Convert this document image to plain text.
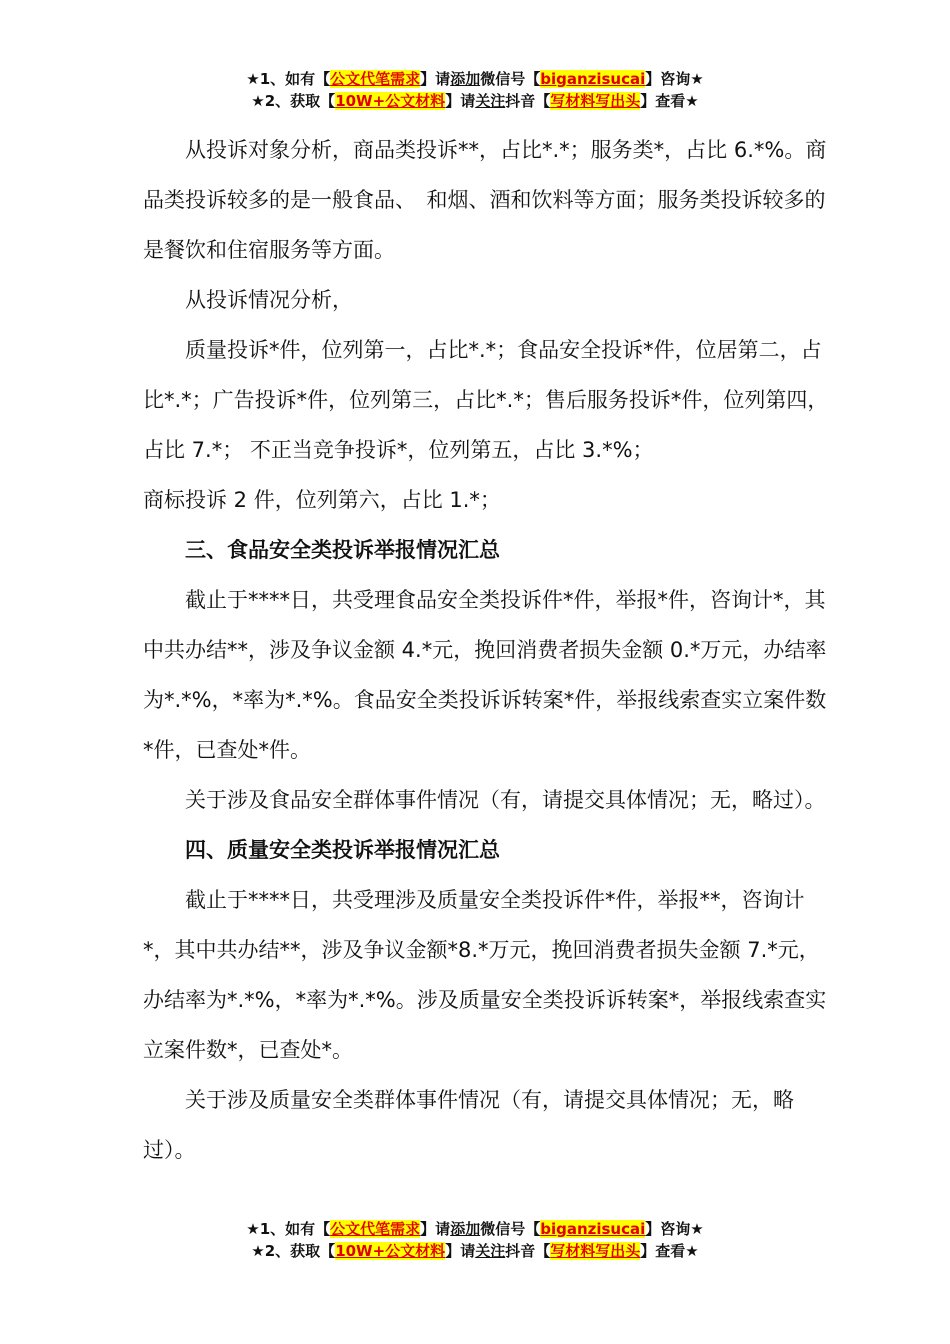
★1、如有【公文代笔需求】请添加微信号【biganzisucai】咨询★
★2、获取【10W+公文材料】请关注抖音【写材料写出头】查看★

从投诉对象分析，商品类投诉**，占比*.*；服务类*，占比 6.*%。商品类投诉较多的是一般食品、　和烟、酒和饮料等方面；服务类投诉较多的是餐饮和住宿服务等方面。

从投诉情况分析，

质量投诉*件，位列第一，占比*.*；食品安全投诉*件，位居第二，占比*.*；广告投诉*件，位列第三，占比*.*；售后服务投诉*件，位列第四，占比 7.*； 不正当竞争投诉*，位列第五，占比 3.*%；

商标投诉 2 件，位列第六，占比 1.*；

三、食品安全类投诉举报情况汇总

截止于****日，共受理食品安全类投诉件*件，举报*件，咨询计*，其中共办结**，涉及争议金额 4.*元，挽回消费者损失金额 0.*万元，办结率为*.*%，*率为*.*%。食品安全类投诉诉转案*件，举报线索查实立案件数*件，已查处*件。

关于涉及食品安全群体事件情况（有，请提交具体情况；无，略过）。

四、质量安全类投诉举报情况汇总

截止于****日，共受理涉及质量安全类投诉件*件，举报**，咨询计*，其中共办结**，涉及争议金额*8.*万元，挽回消费者损失金额 7.*元，办结率为*.*%，*率为*.*%。涉及质量安全类投诉诉转案*，举报线索查实立案件数*，已查处*。

关于涉及质量安全类群体事件情况（有，请提交具体情况；无，略过）。

★1、如有【公文代笔需求】请添加微信号【biganzisucai】咨询★
★2、获取【10W+公文材料】请关注抖音【写材料写出头】查看★
